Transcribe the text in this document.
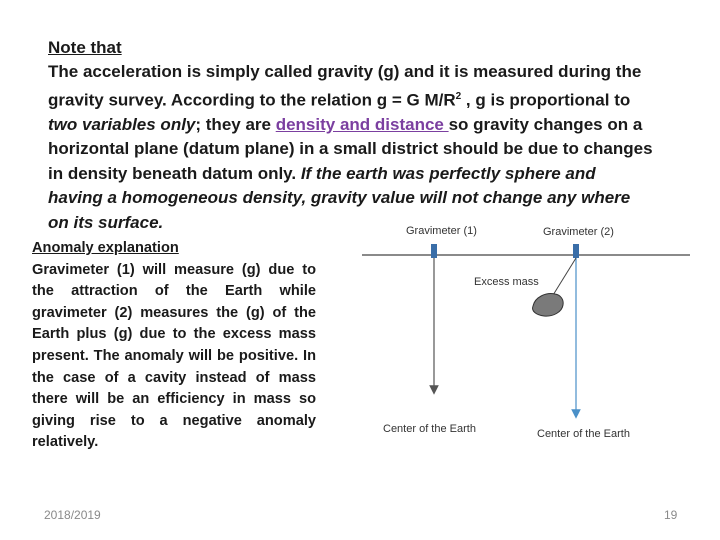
Note that
The acceleration is simply called gravity (g) and it is measured during the
gravity survey. According to the relation g = G $M/R^2$ , g is proportional to
two variables only; they are density and distance so gravity changes on a
horizontal plane (datum plane) in a small district should be due to changes
in density beneath datum only. If the earth was perfectly sphere and
having a homogeneous density, gravity value will not change any where
on its surface.
Anomaly explanation
Gravimeter (1) will measure (g) due to the attraction of the Earth while gravimeter (2) measures the (g) of the Earth plus (g) due to the excess mass present. The anomaly will be positive. In the case of a cavity instead of mass there will be an efficiency in mass so giving rise to a negative anomaly relatively.
Gravimeter (1)	Gravimeter (2)
Excess mass
Center of the Earth	Center of the Earth
2018/2019	19
